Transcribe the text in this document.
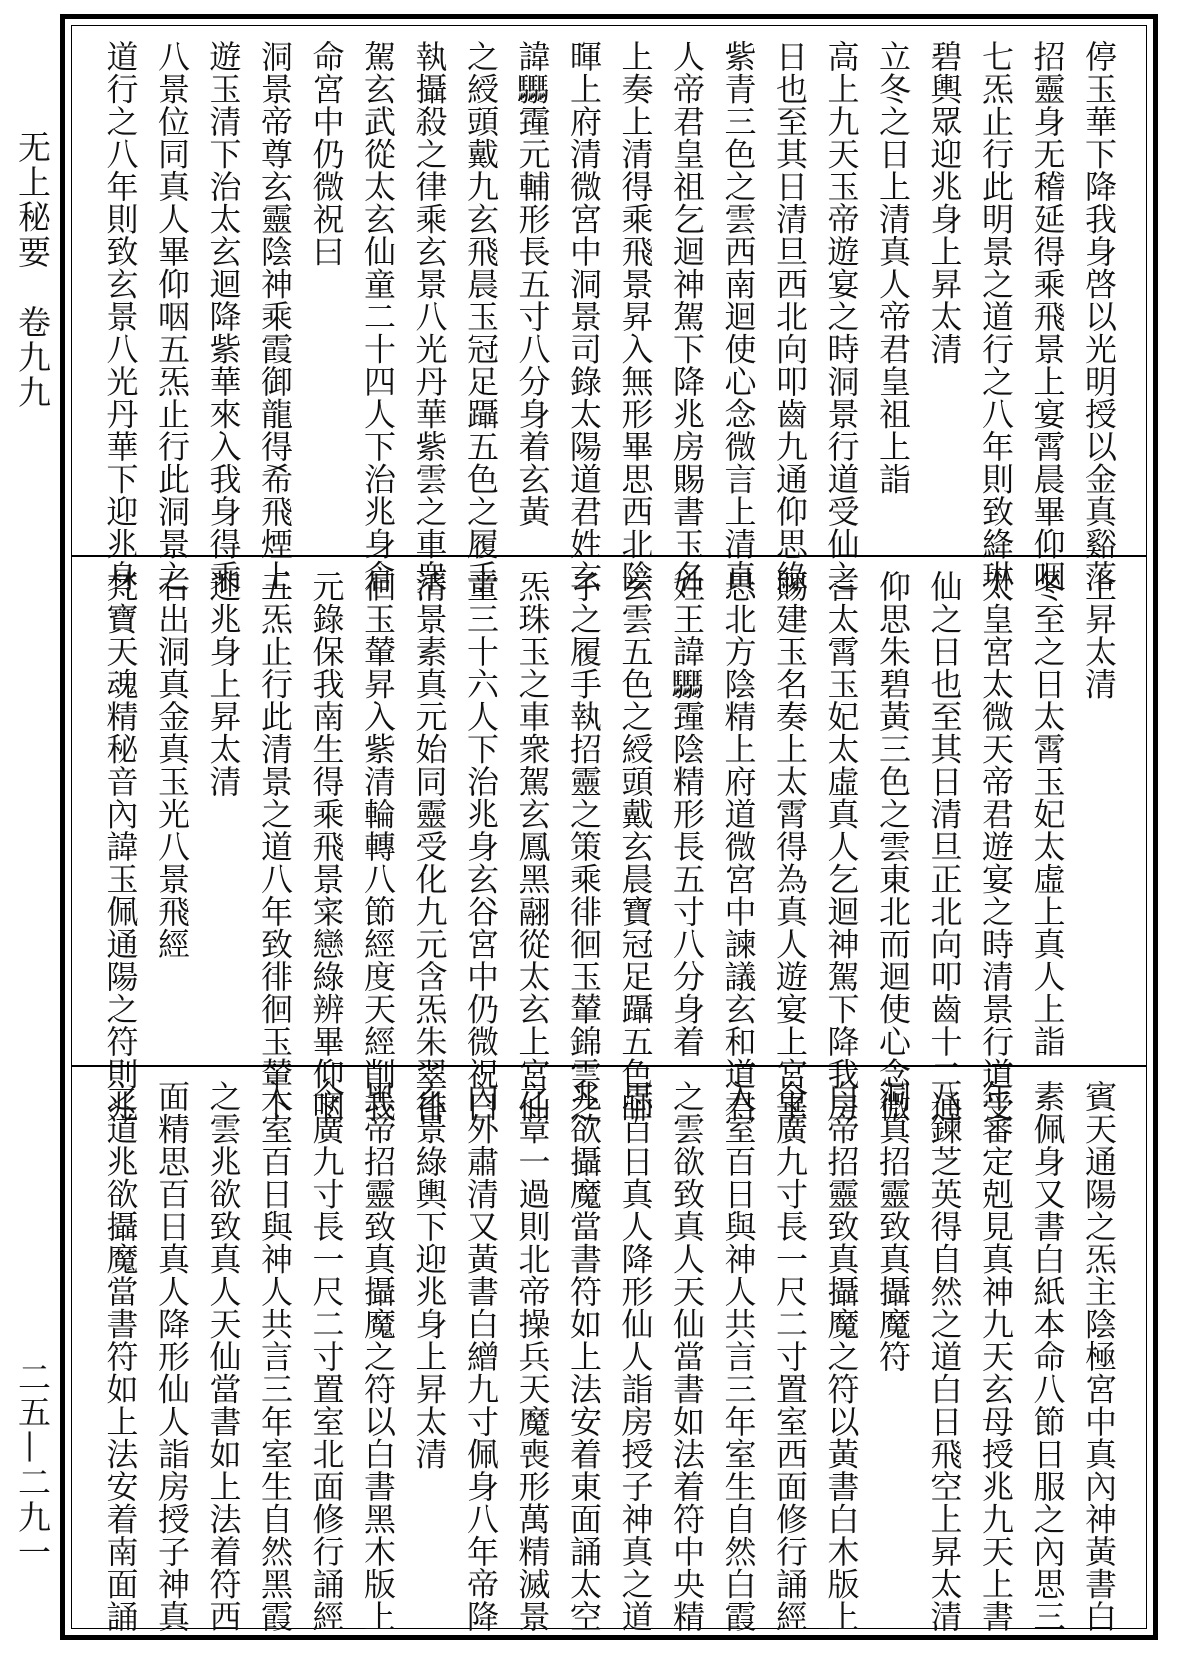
无上秘要　卷九九
二五—二九一
停玉華下降我身啓以光明授以金真谿落
招靈身无稽延得乘飛景上宴霄晨畢仰咽
七炁止行此明景之道行之八年則致絳琳
碧輿眾迎兆身上昇太清
立冬之日上清真人帝君皇祖上詣
高上九天玉帝遊宴之時洞景行道受仙之
日也至其日清旦西北向叩齒九通仰思綠
紫青三色之雲西南迴使心念微言上清真
人帝君皇祖乞迴神駕下降兆房賜書玉名
上奏上清得乘飛景昇入無形畢思西北陰
暉上府清微宮中洞景司錄太陽道君姓玄
諱𩧢䨪元輔形長五寸八分身着玄黃
之綬頭戴九玄飛晨玉冠足躡五色之履手
執攝殺之律乘玄景八光丹華紫雲之車衆
駕玄武從太玄仙童二十四人下治兆身倉
命宮中仍微祝曰
洞景帝尊玄靈陰神乘霞御龍得希飛煙上
遊玉清下治太玄迴降紫華來入我身得乘
八景位同真人畢仰咽五炁止行此洞景之
道行之八年則致玄景八光丹華下迎兆身
上昇太清
冬至之日太霄玉妃太虛上真人上詣
太皇宮太微天帝君遊宴之時清景行道受
仙之日也至其日清旦正北向叩齒十二通
仰思朱碧黃三色之雲東北而迴使心念微
言太霄玉妃太虛真人乞迴神駕下降我房
賜建玉名奏上太霄得為真人遊宴上宮畢
思北方陰精上府道微宮中諫議玄和道君
姓王諱𩧢䨪陰精形長五寸八分身着
玄雲五色之綬頭戴玄晨寶冠足躡五色師
子之履手執招靈之策乘徘徊玉輦錦雲之
炁珠玉之車衆駕玄鳳黑翮從太玄上宮仙
童三十六人下治兆身玄谷宮中仍微祝曰
清景素真元始同靈受化九元含炁朱翠徘
徊玉輦昇入紫清輪轉八節經度天經削我
元錄保我南生得乘飛景寀戀綠辨畢仰咽
五炁止行此清景之道八年致徘徊玉輦下
迎兆身上昇太清
右出洞真金真玉光八景飛經
梵寶天魂精秘音內諱玉佩通陽之符則兆
賓天通陽之炁主陰極宮中真內神黃書白
素佩身又書白紙本命八節日服之內思三
年審定剋見真神九天玄母授兆九天上書
八鍊芝英得自然之道白日飛空上昇太清
洞真招靈致真攝魔符
白帝招靈致真攝魔之符以黃書白木版上
令廣九寸長一尺二寸置室西面修行誦經
入室百日與神人共言三年室生自然白霞
之雲欲致真人天仙當書如法着符中央精
思百日真人降形仙人詣房授子神真之道
兆欲攝魔當書符如上法安着東面誦太空
之章一過則北帝操兵天魔喪形萬精滅景
內外肅清又黃書白繒九寸佩身八年帝降
玄景綠輿下迎兆身上昇太清
黑帝招靈致真攝魔之符以白書黑木版上
令廣九寸長一尺二寸置室北面修行誦經
入室百日與神人共言三年室生自然黑霞
之雲兆欲致真人天仙當書如上法着符西
面精思百日真人降形仙人詣房授子神真
之道兆欲攝魔當書符如上法安着南面誦
